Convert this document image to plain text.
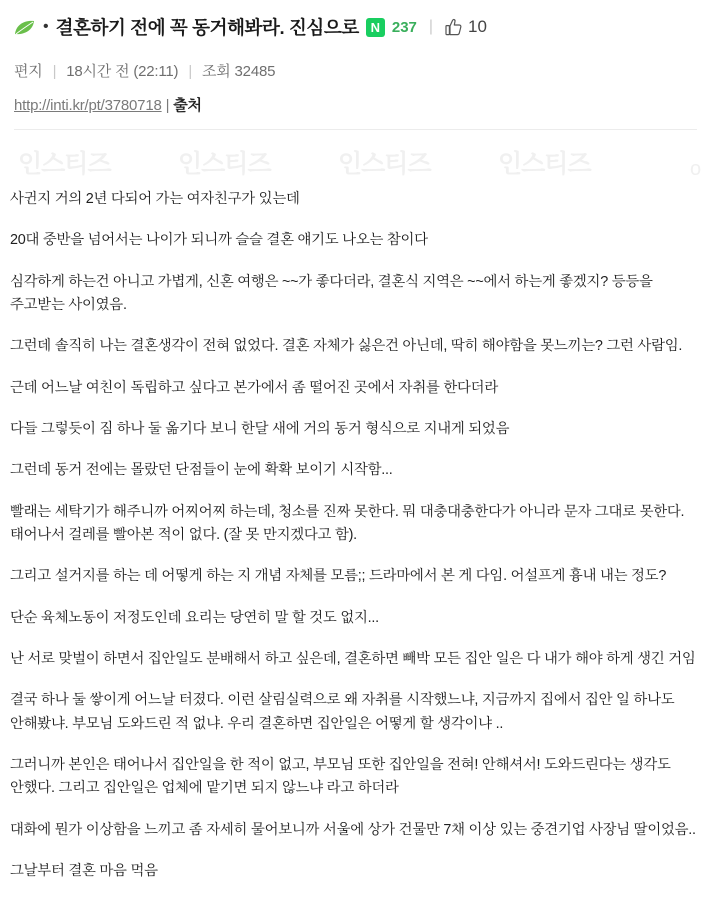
• 결혼하기 전에 꼭 동거해봐라. 진심으로 N 237 | 10
편지 | 18시간 전 (22:11) | 조회 32485
http://inti.kr/pt/3780718 | 출처
인스티즈	인스티즈	인스티즈	인스티즈	o

사귄지 거의 2년 다되어 가는 여자친구가 있는데

20대 중반을 넘어서는 나이가 되니까 슬슬 결혼 얘기도 나오는 참이다

심각하게 하는건 아니고 가볍게, 신혼 여행은 ~~가 좋다더라, 결혼식 지역은 ~~에서 하는게 좋겠지? 등등을 주고받는 사이였음.

그런데 솔직히 나는 결혼생각이 전혀 없었다. 결혼 자체가 싫은건 아닌데, 딱히 해야함을 못느끼는? 그런 사람임.

근데 어느날 여친이 독립하고 싶다고 본가에서 좀 떨어진 곳에서 자취를 한다더라

다들 그렇듯이 짐 하나 둘 옮기다 보니 한달 새에 거의 동거 형식으로 지내게 되었음

그런데 동거 전에는 몰랐던 단점들이 눈에 확확 보이기 시작함...

빨래는 세탁기가 해주니까 어찌어찌 하는데, 청소를 진짜 못한다. 뭐 대충대충한다가 아니라 문자 그대로 못한다. 태어나서 걸레를 빨아본 적이 없다. (잘 못 만지겠다고 함).

그리고 설거지를 하는 데 어떻게 하는 지 개념 자체를 모름;; 드라마에서 본 게 다임. 어설프게 흉내 내는 정도?

단순 육체노동이 저정도인데 요리는 당연히 말 할 것도 없지...

난 서로 맞벌이 하면서 집안일도 분배해서 하고 싶은데, 결혼하면 빼박 모든 집안 일은 다 내가 해야 하게 생긴 거임

결국 하나 둘 쌓이게 어느날 터졌다. 이런 살림실력으로 왜 자취를 시작했느냐, 지금까지 집에서 집안 일 하나도 안해봤냐. 부모님 도와드린 적 없냐. 우리 결혼하면 집안일은 어떻게 할 생각이냐 ..

그러니까 본인은 태어나서 집안일을 한 적이 없고, 부모님 또한 집안일을 전혀! 안해셔서! 도와드린다는 생각도 안했다. 그리고 집안일은 업체에 맡기면 되지 않느냐 라고 하더라

대화에 뭔가 이상함을 느끼고 좀 자세히 물어보니까 서울에 상가 건물만 7채 이상 있는 중견기업 사장님 딸이었음..

그날부터 결혼 마음 먹음
